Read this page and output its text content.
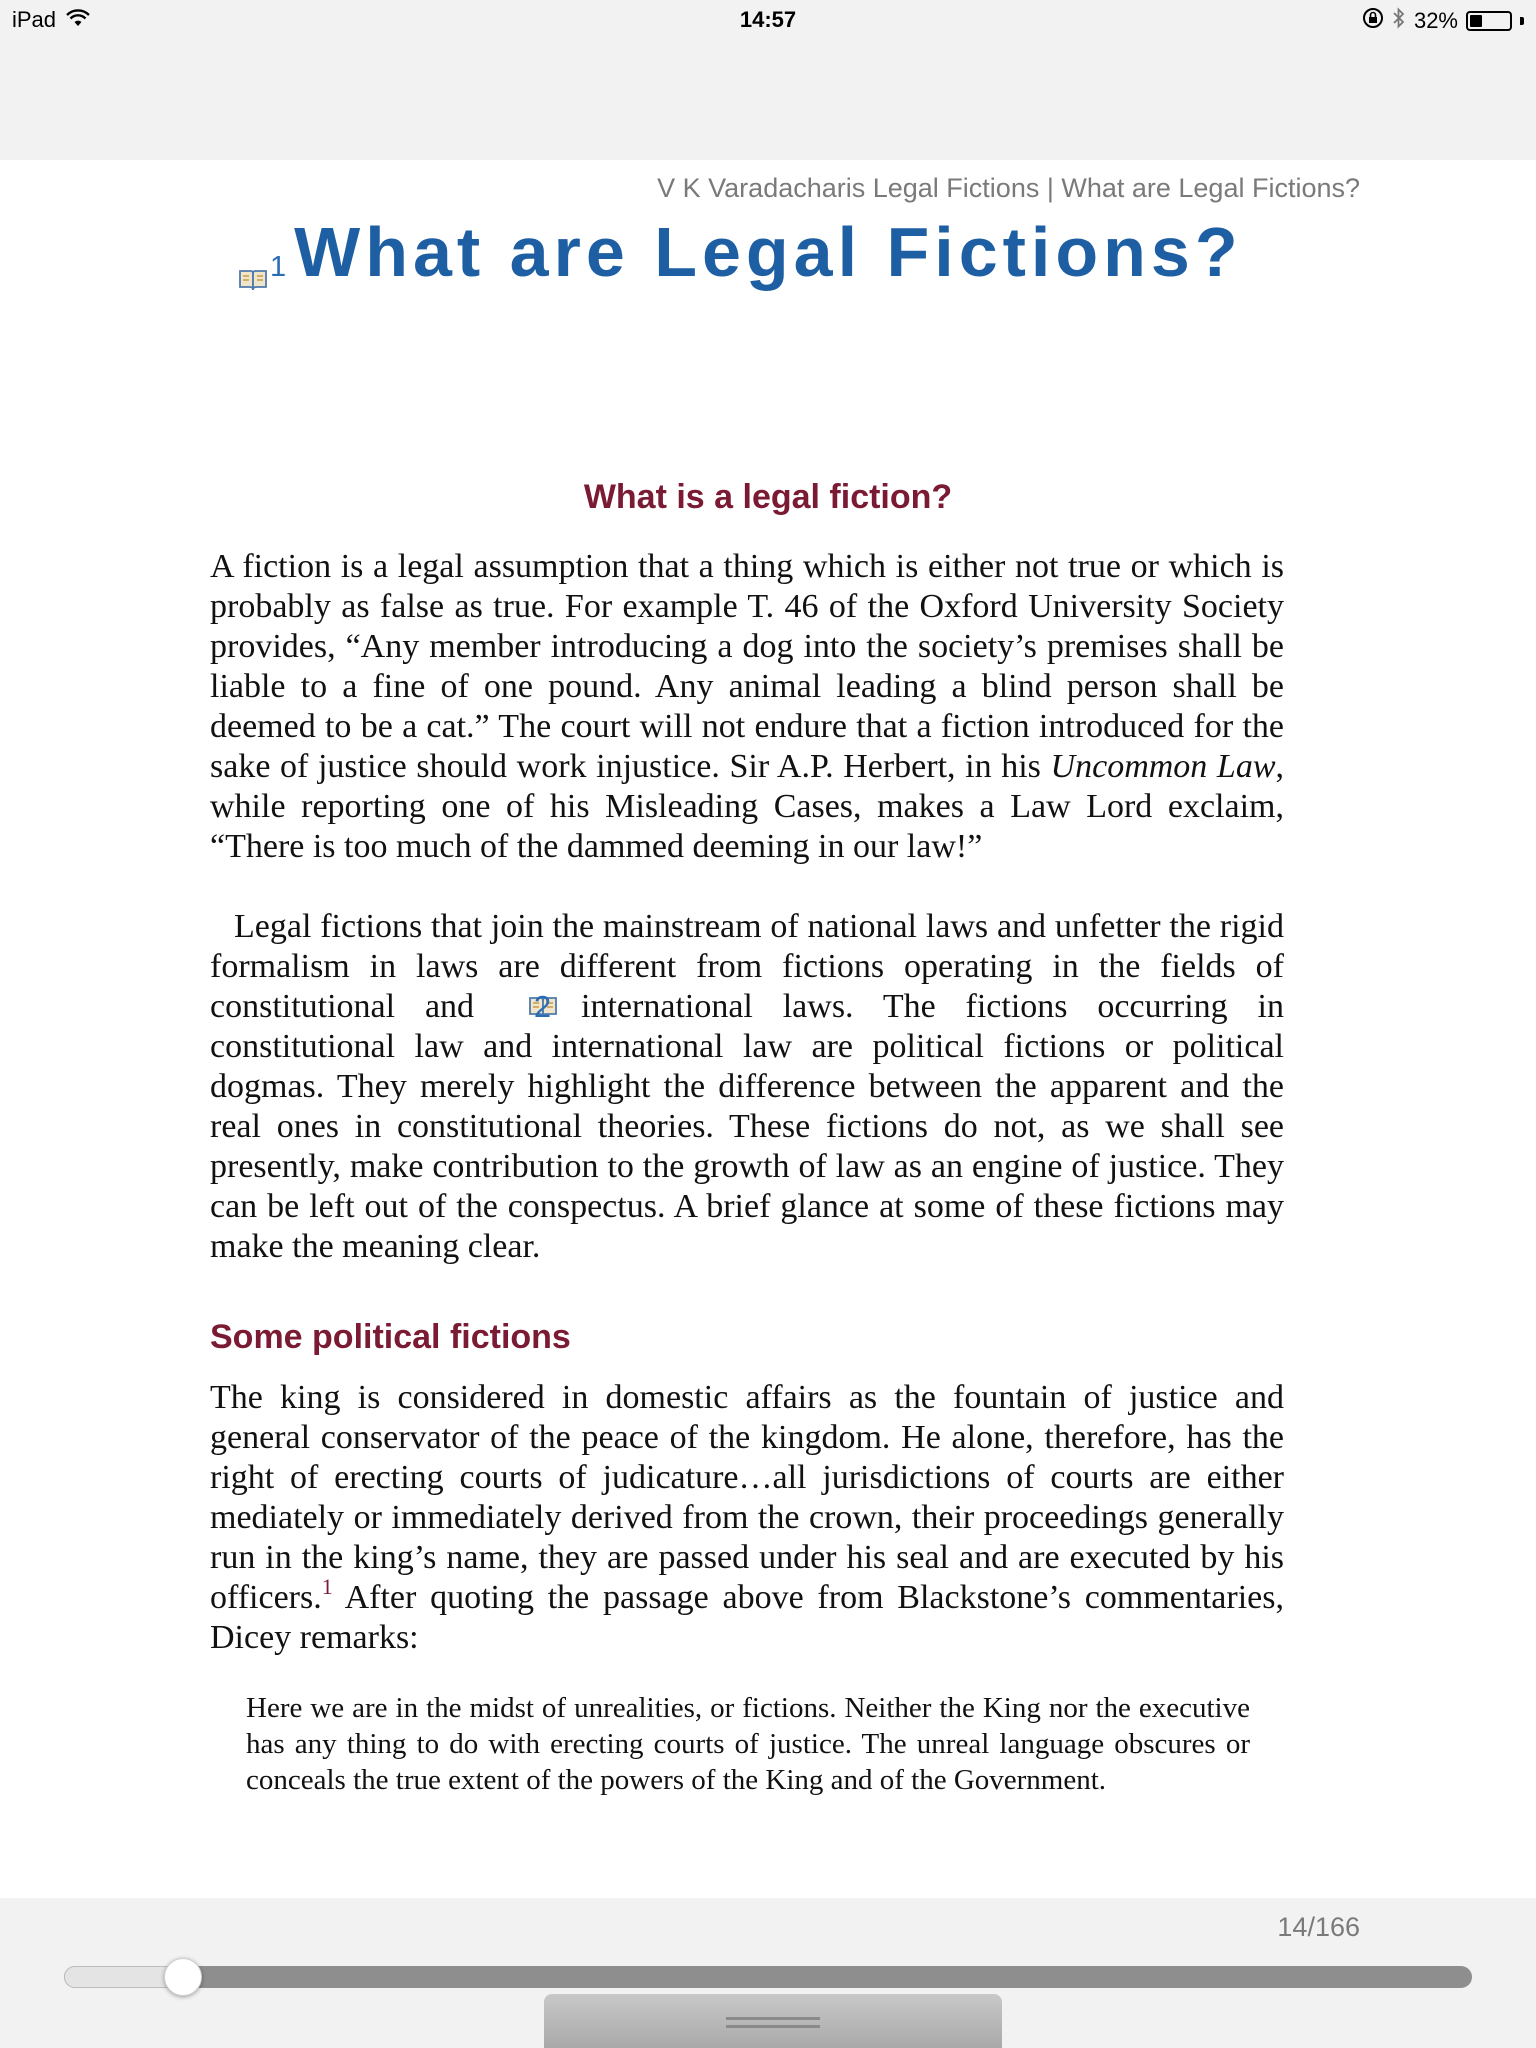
iPad	14:57	32%
V K Varadacharis Legal Fictions | What are Legal Fictions?
1 What are Legal Fictions?
What is a legal fiction?

A fiction is a legal assumption that a thing which is either not true or which is probably as false as true. For example T. 46 of the Oxford University Society provides, “Any member introducing a dog into the society’s premises shall be liable to a fine of one pound. Any animal leading a blind person shall be deemed to be a cat.” The court will not endure that a fiction introduced for the sake of justice should work injustice. Sir A.P. Herbert, in his Uncommon Law, while reporting one of his Misleading Cases, makes a Law Lord exclaim, “There is too much of the dammed deeming in our law!”

Legal fictions that join the mainstream of national laws and unfetter the rigid formalism in laws are different from fictions operating in the fields of constitutional and 2 international laws. The fictions occurring in constitutional law and international law are political fictions or political dogmas. They merely highlight the difference between the apparent and the real ones in constitutional theories. These fictions do not, as we shall see presently, make contribution to the growth of law as an engine of justice. They can be left out of the conspectus. A brief glance at some of these fictions may make the meaning clear.

Some political fictions

The king is considered in domestic affairs as the fountain of justice and general conservator of the peace of the kingdom. He alone, therefore, has the right of erecting courts of judicature…all jurisdictions of courts are either mediately or immediately derived from the crown, their proceedings generally run in the king’s name, they are passed under his seal and are executed by his officers.$^1$ After quoting the passage above from Blackstone’s commentaries, Dicey remarks:

Here we are in the midst of unrealities, or fictions. Neither the King nor the executive has any thing to do with erecting courts of justice. The unreal language obscures or conceals the true extent of the powers of the King and of the Government.

14/166
